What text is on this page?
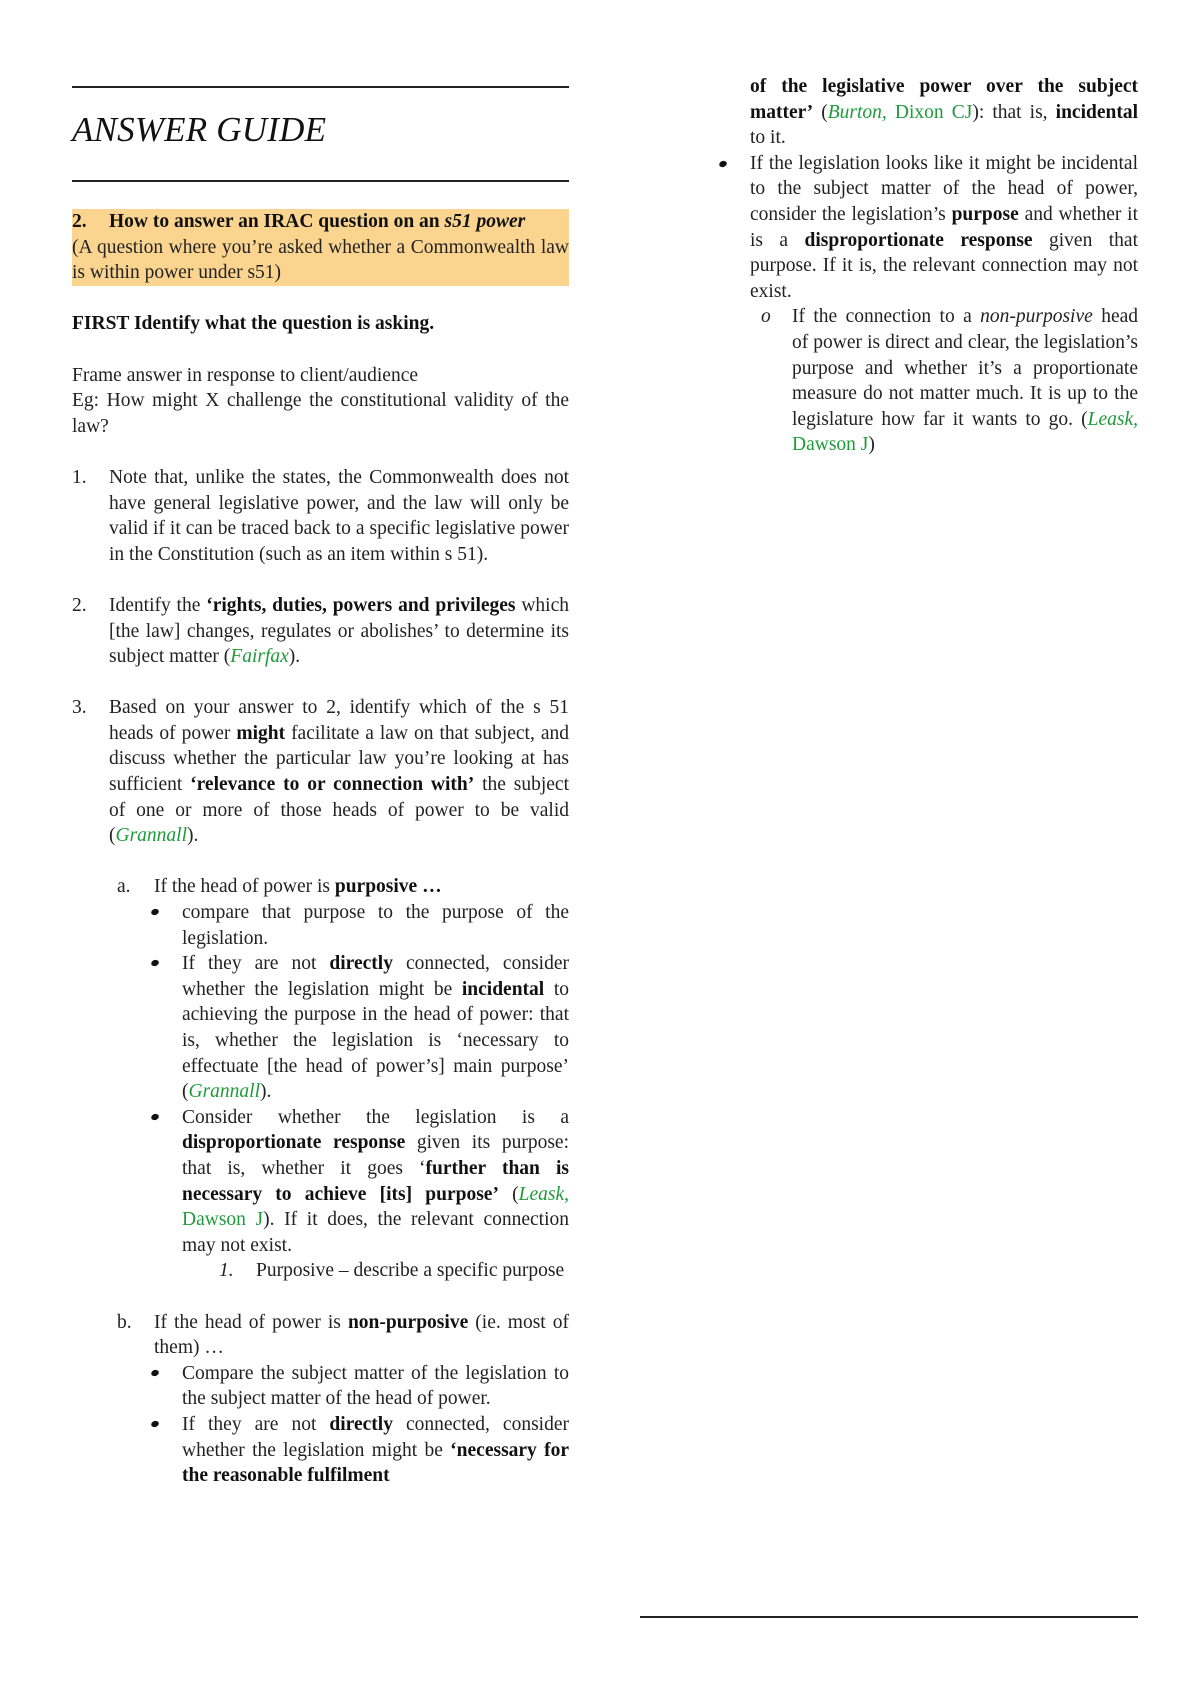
ANSWER GUIDE

2. How to answer an IRAC question on an s51 power

(A question where you’re asked whether a Commonwealth law is within power under s51)

FIRST Identify what the question is asking.

Frame answer in response to client/audience

Eg: How might X challenge the constitutional validity of the law?

1. Note that, unlike the states, the Commonwealth does not have general legislative power, and the law will only be valid if it can be traced back to a specific legislative power in the Constitution (such as an item within s 51).

2. Identify the ‘rights, duties, powers and privileges which [the law] changes, regulates or abolishes’ to determine its subject matter (Fairfax).

3. Based on your answer to 2, identify which of the s 51 heads of power might facilitate a law on that subject, and discuss whether the particular law you’re looking at has sufficient ‘relevance to or connection with’ the subject of one or more of those heads of power to be valid (Grannall).

a. If the head of power is purposive …

compare that purpose to the purpose of the legislation.

If they are not directly connected, consider whether the legislation might be incidental to achieving the purpose in the head of power: that is, whether the legislation is ‘necessary to effectuate [the head of power’s] main purpose’ (Grannall).

Consider whether the legislation is a disproportionate response given its purpose: that is, whether it goes ‘further than is necessary to achieve [its] purpose’ (Leask, Dawson J). If it does, the relevant connection may not exist.

1. Purposive – describe a specific purpose

b. If the head of power is non-purposive (ie. most of them) …

Compare the subject matter of the legislation to the subject matter of the head of power.

If they are not directly connected, consider whether the legislation might be ‘necessary for the reasonable fulfilment

of the legislative power over the subject matter’ (Burton, Dixon CJ): that is, incidental to it.

If the legislation looks like it might be incidental to the subject matter of the head of power, consider the legislation’s purpose and whether it is a disproportionate response given that purpose. If it is, the relevant connection may not exist.

o If the connection to a non-purposive head of power is direct and clear, the legislation’s purpose and whether it’s a proportionate measure do not matter much. It is up to the legislature how far it wants to go. (Leask, Dawson J)
